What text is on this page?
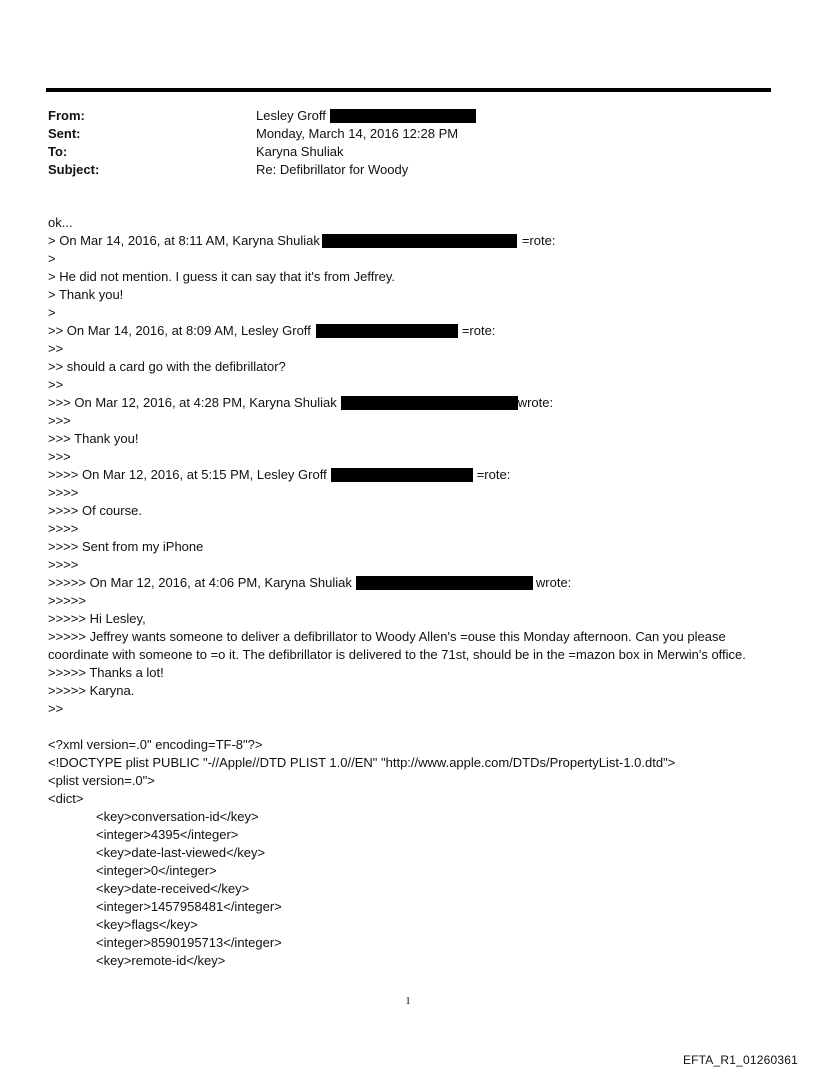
From:	Lesley Groff
Sent:	Monday, March 14, 2016 12:28 PM
To:	Karyna Shuliak
Subject:	Re: Defibrillator for Woody
ok...
> On Mar 14, 2016, at 8:11 AM, Karyna Shuliak	=rote:
>
> He did not mention. I guess it can say that it's from Jeffrey.
> Thank you!
>
>> On Mar 14, 2016, at 8:09 AM, Lesley Groff	=rote:
>>
>> should a card go with the defibrillator?
>>
>>> On Mar 12, 2016, at 4:28 PM, Karyna Shuliak	wrote:
>>>
>>> Thank you!
>>>
>>>> On Mar 12, 2016, at 5:15 PM, Lesley Groff	=rote:
>>>>
>>>> Of course.
>>>>
>>>> Sent from my iPhone
>>>>
>>>>> On Mar 12, 2016, at 4:06 PM, Karyna Shuliak	wrote:
>>>>>
>>>>> Hi Lesley,
>>>>> Jeffrey wants someone to deliver a defibrillator to Woody Allen's =ouse this Monday afternoon. Can you please coordinate with someone to =o it. The defibrillator is delivered to the 71st, should be in the =mazon box in Merwin's office.
>>>>> Thanks a lot!
>>>>> Karyna.
>>
<?xml version=.0" encoding=TF-8"?>
<!DOCTYPE plist PUBLIC "-//Apple//DTD PLIST 1.0//EN" "http://www.apple.com/DTDs/PropertyList-1.0.dtd">
<plist version=.0">
<dict>
<key>conversation-id</key>
<integer>4395</integer>
<key>date-last-viewed</key>
<integer>0</integer>
<key>date-received</key>
<integer>1457958481</integer>
<key>flags</key>
<integer>8590195713</integer>
<key>remote-id</key>
1
EFTA_R1_01260361
